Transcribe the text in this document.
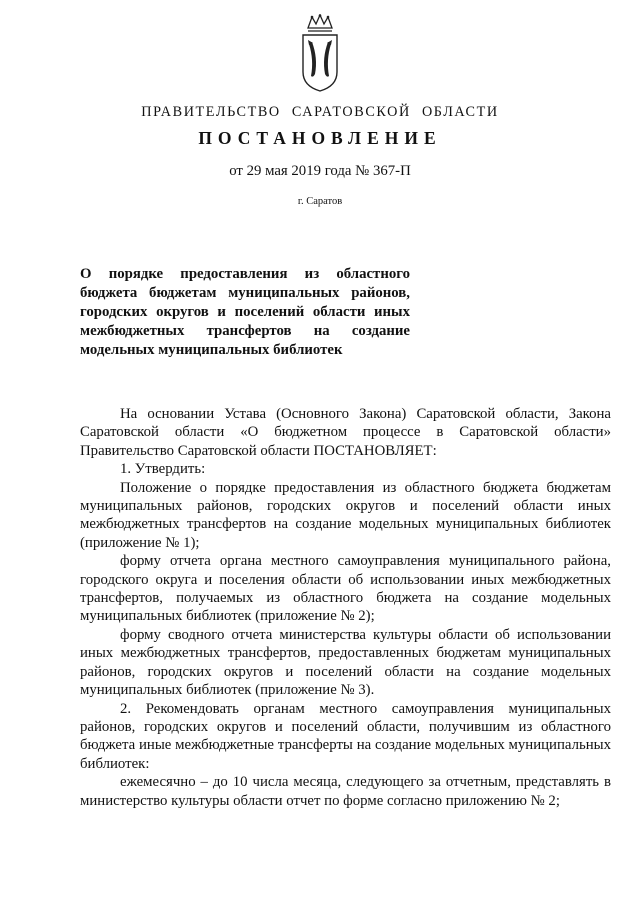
ПРАВИТЕЛЬСТВО САРАТОВСКОЙ ОБЛАСТИ
ПОСТАНОВЛЕНИЕ
от 29 мая 2019 года № 367-П
г. Саратов
О порядке предоставления из областного
бюджета бюджетам муниципальных районов,
городских округов и поселений области иных
межбюджетных трансфертов на создание
модельных муниципальных библиотек

На основании Устава (Основного Закона) Саратовской области, Закона Саратовской области «О бюджетном процессе в Саратовской области» Правительство Саратовской области ПОСТАНОВЛЯЕТ:

1. Утвердить:

Положение о порядке предоставления из областного бюджета бюджетам муниципальных районов, городских округов и поселений области иных межбюджетных трансфертов на создание модельных муниципальных библиотек (приложение № 1);

форму отчета органа местного самоуправления муниципального района, городского округа и поселения области об использовании иных межбюджетных трансфертов, получаемых из областного бюджета на создание модельных муниципальных библиотек (приложение № 2);

форму сводного отчета министерства культуры области об использовании иных межбюджетных трансфертов, предоставленных бюджетам муниципальных районов, городских округов и поселений области на создание модельных муниципальных библиотек (приложение № 3).

2. Рекомендовать органам местного самоуправления муниципальных районов, городских округов и поселений области, получившим из областного бюджета иные межбюджетные трансферты на создание модельных муниципальных библиотек:

ежемесячно – до 10 числа месяца, следующего за отчетным, представлять в министерство культуры области отчет по форме согласно приложению № 2;
